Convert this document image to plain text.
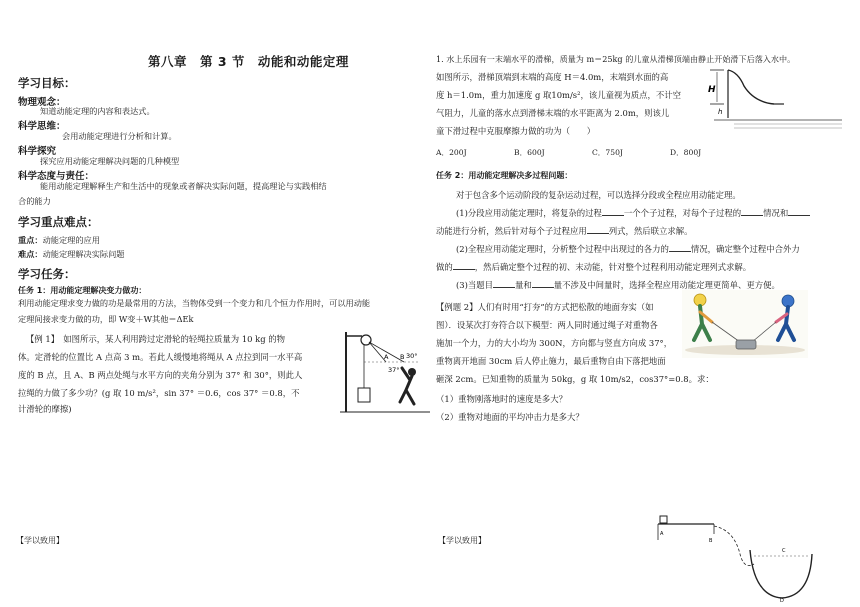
第八章　第 3 节　动能和动能定理
学习目标：
物理观念：
知道动能定理的内容和表达式。
科学思维：
会用动能定理进行分析和计算。
科学探究
探究应用动能定理解决问题的几种模型
科学态度与责任：
能用动能定理解释生产和生活中的现象或者解决实际问题，提高理论与实践相结
合的能力
学习重点难点：
重点：动能定理的应用
难点：动能定理解决实际问题
学习任务：
任务 1：用动能定理解决变力做功：
利用动能定理求变力做的功是最常用的方法，当物体受到一个变力和几个恒力作用时，可以用动能
定理间接求变力做的功，即 W变＋W其他＝ΔEk
【例 1】　如图所示，某人利用跨过定滑轮的轻绳拉质量为 10 kg 的物
体。定滑轮的位置比 A 点高 3 m。若此人缓慢地将绳从 A 点拉到同一水平高
度的 B 点，且 A、B 两点处绳与水平方向的夹角分别为 37° 和 30°，则此人
拉绳的力做了多少功？(g 取 10 m/s²，sin 37° ＝0.6，cos 37° ＝0.8，不
计滑轮的摩擦)
A B 30°
37°
【学以致用】
1. 水上乐园有一末端水平的滑梯，质量为 m＝25kg 的儿童从滑梯顶端由静止开始滑下后落入水中。
如图所示，滑梯顶端到末端的高度 H＝4.0m，末端到水面的高
度 h＝1.0m，重力加速度 g 取10m/s²，该儿童视为质点，不计空
气阻力，儿童的落水点到滑梯末端的水平距离为 2.0m，则该儿
童下滑过程中克服摩擦力做的功为（　　）
H
h
A．200J	B．600J	C．750J	D．800J
任务 2：用动能定理解决多过程问题：
对于包含多个运动阶段的复杂运动过程，可以选择分段或全程应用动能定理。
(1)分段应用动能定理时，将复杂的过程	一个个子过程，对每个子过程的	情况和
动能进行分析，然后针对每个子过程应用	列式，然后联立求解。
(2)全程应用动能定理时，分析整个过程中出现过的各力的	情况，确定整个过程中合外力
做的	，然后确定整个过程的初、末动能，针对整个过程利用动能定理列式求解。
(3)当题目	量和	量不涉及中间量时，选择全程应用动能定理更简单、更方便。
【例题 2】人们有时用“打夯”的方式把松散的地面夯实（如
图）．设某次打夯符合以下模型：两人同时通过绳子对重物各
施加一个力，力的大小均为 300N，方向都与竖直方向成 37°，
重物离开地面 30cm 后人停止施力，最后重物自由下落把地面
砸深 2cm。已知重物的质量为 50kg，g 取 10m/s2，cos37°=0.8。求：
（1）重物刚落地时的速度是多大？
（2）重物对地面的平均冲击力是多大？
【学以致用】
A
B
C
D
